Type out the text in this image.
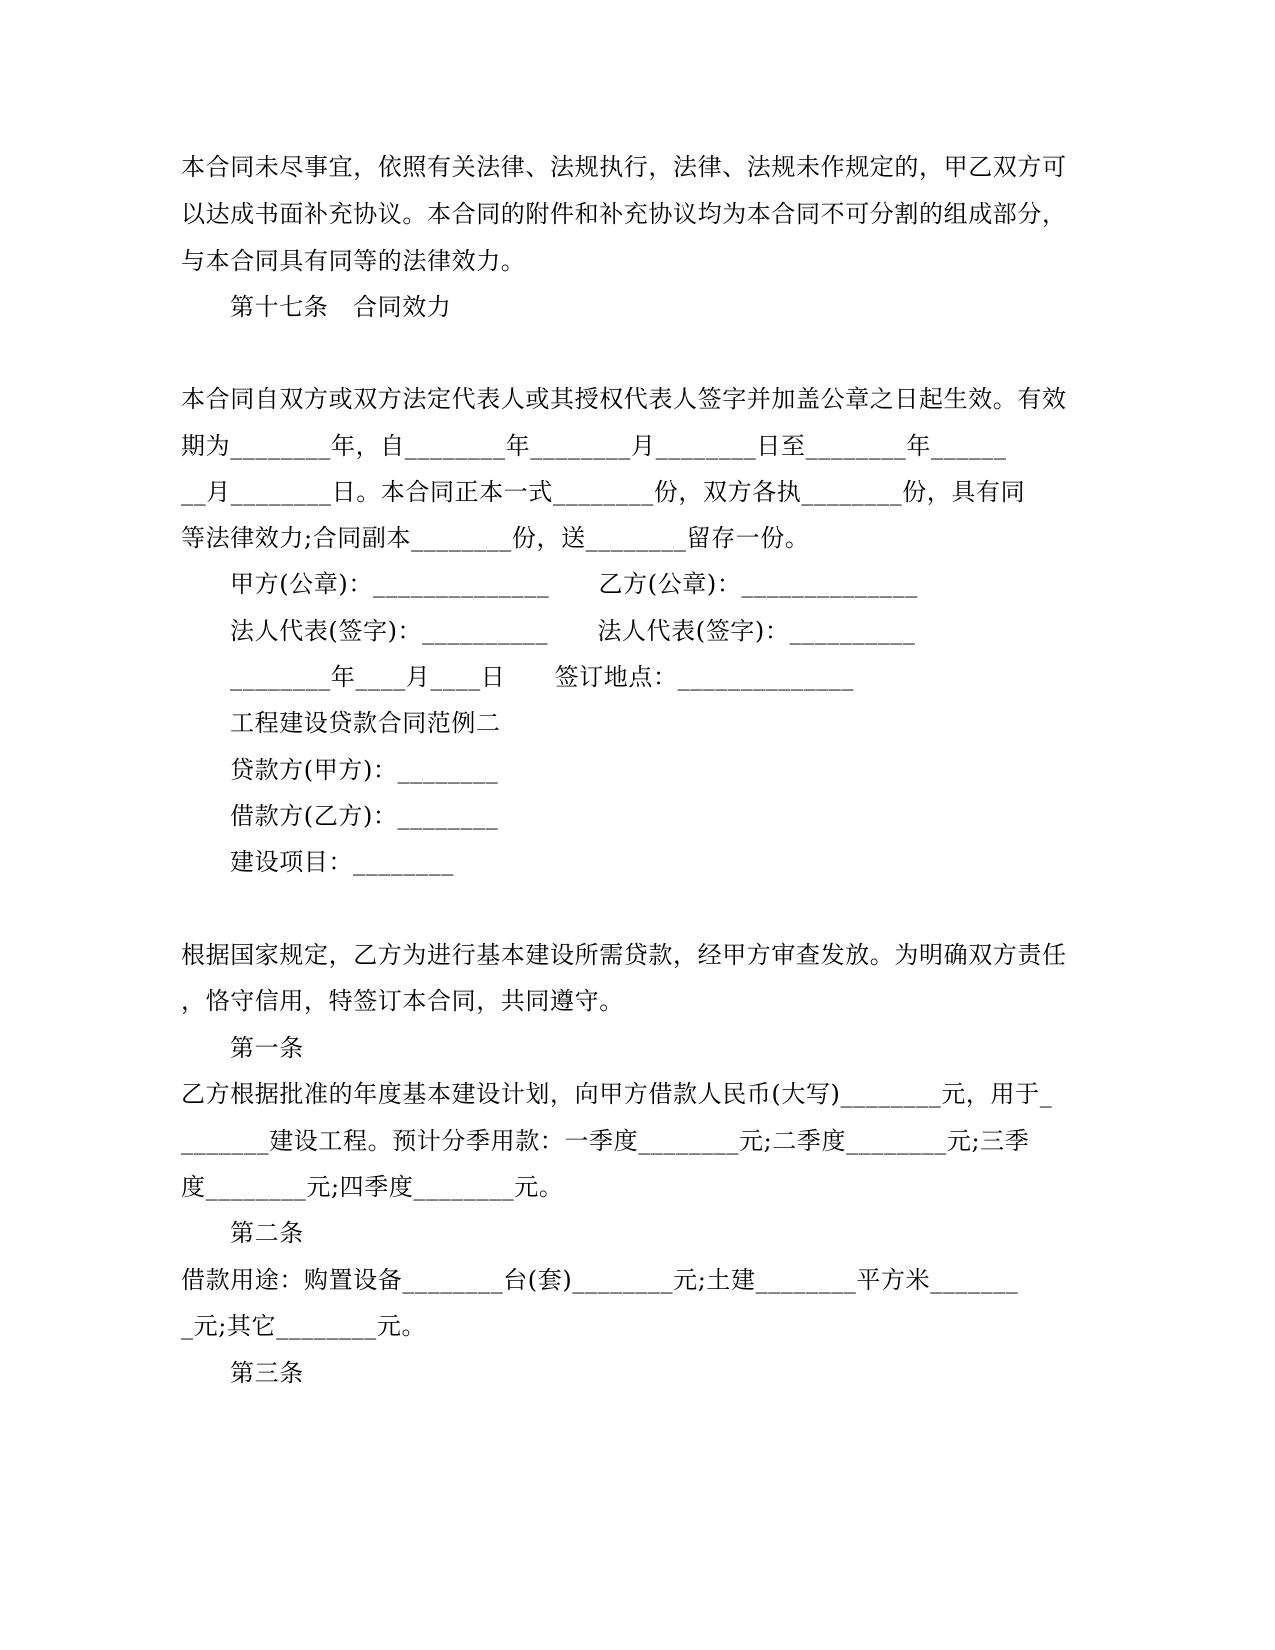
本合同未尽事宜，依照有关法律、法规执行，法律、法规未作规定的，甲乙双方可
以达成书面补充协议。本合同的附件和补充协议均为本合同不可分割的组成部分，
与本合同具有同等的法律效力。
第十七条　合同效力
本合同自双方或双方法定代表人或其授权代表人签字并加盖公章之日起生效。有效
期为________年，自________年________月________日至________年______
__月________日。本合同正本一式________份，双方各执________份，具有同
等法律效力;合同副本________份，送________留存一份。
甲方(公章)：______________　　乙方(公章)：______________
法人代表(签字)：__________　　法人代表(签字)：__________
________年____月____日　　签订地点：______________
工程建设贷款合同范例二
贷款方(甲方)：________
借款方(乙方)：________
建设项目：________
根据国家规定，乙方为进行基本建设所需贷款，经甲方审查发放。为明确双方责任
，恪守信用，特签订本合同，共同遵守。
第一条
乙方根据批准的年度基本建设计划，向甲方借款人民币(大写)________元，用于_
_______建设工程。预计分季用款：一季度________元;二季度________元;三季
度________元;四季度________元。
第二条
借款用途：购置设备________台(套)________元;土建________平方米_______
_元;其它________元。
第三条
